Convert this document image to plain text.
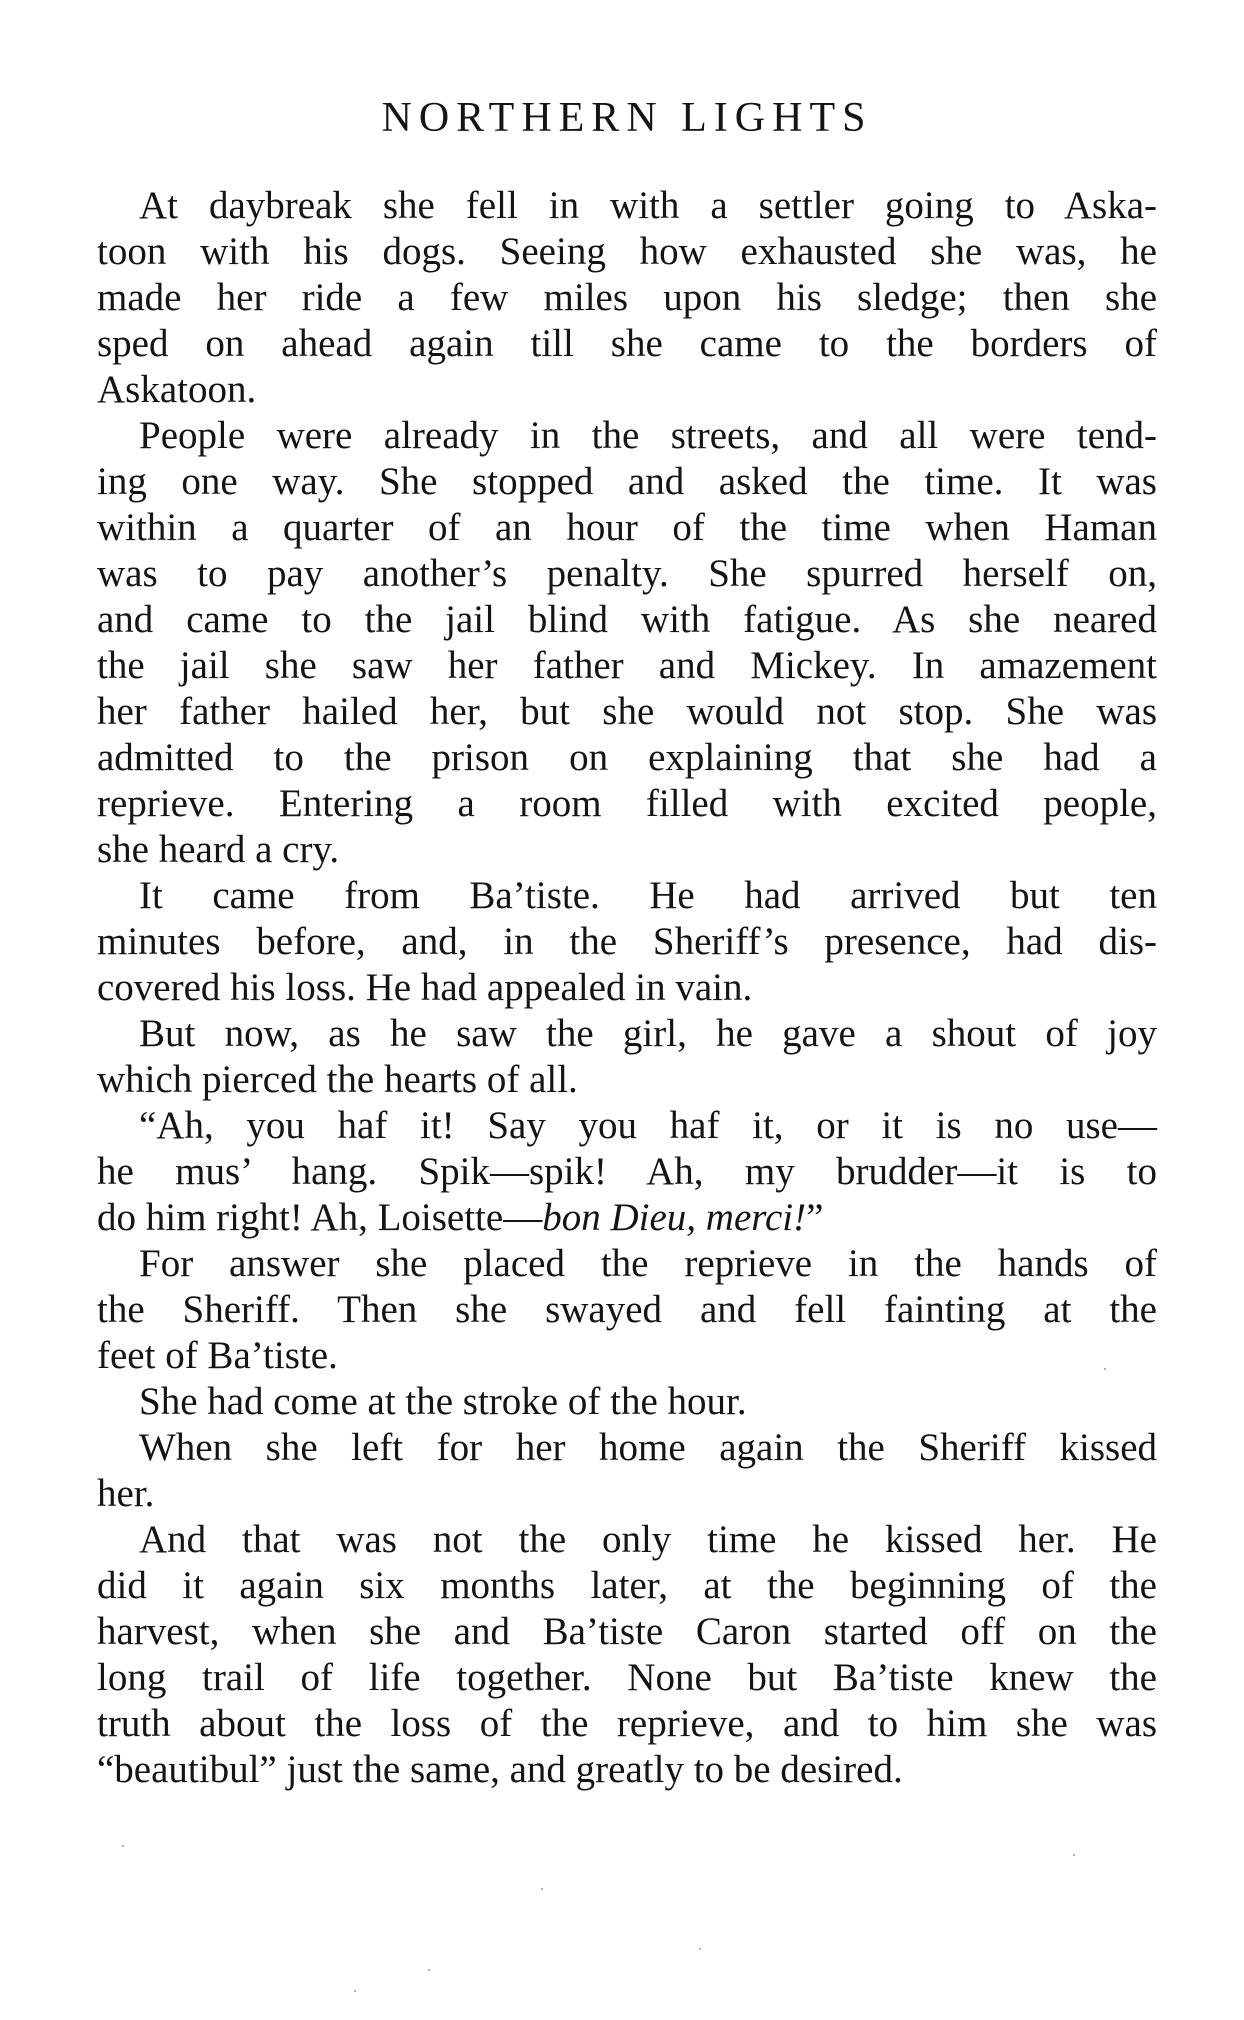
NORTHERN LIGHTS
At daybreak she fell in with a settler going to Aska-
toon with his dogs. Seeing how exhausted she was, he
made her ride a few miles upon his sledge; then she
sped on ahead again till she came to the borders of
Askatoon.
People were already in the streets, and all were tend-
ing one way. She stopped and asked the time. It was
within a quarter of an hour of the time when Haman
was to pay another’s penalty. She spurred herself on,
and came to the jail blind with fatigue. As she neared
the jail she saw her father and Mickey. In amazement
her father hailed her, but she would not stop. She was
admitted to the prison on explaining that she had a
reprieve. Entering a room filled with excited people,
she heard a cry.
It came from Ba’tiste. He had arrived but ten
minutes before, and, in the Sheriff’s presence, had dis-
covered his loss. He had appealed in vain.
But now, as he saw the girl, he gave a shout of joy
which pierced the hearts of all.
“Ah, you haf it! Say you haf it, or it is no use—
he mus’ hang. Spik—spik! Ah, my brudder—it is to
do him right! Ah, Loisette—bon Dieu, merci!”
For answer she placed the reprieve in the hands of
the Sheriff. Then she swayed and fell fainting at the
feet of Ba’tiste.
She had come at the stroke of the hour.
When she left for her home again the Sheriff kissed
her.
And that was not the only time he kissed her. He
did it again six months later, at the beginning of the
harvest, when she and Ba’tiste Caron started off on the
long trail of life together. None but Ba’tiste knew the
truth about the loss of the reprieve, and to him she was
“beautibul” just the same, and greatly to be desired.
